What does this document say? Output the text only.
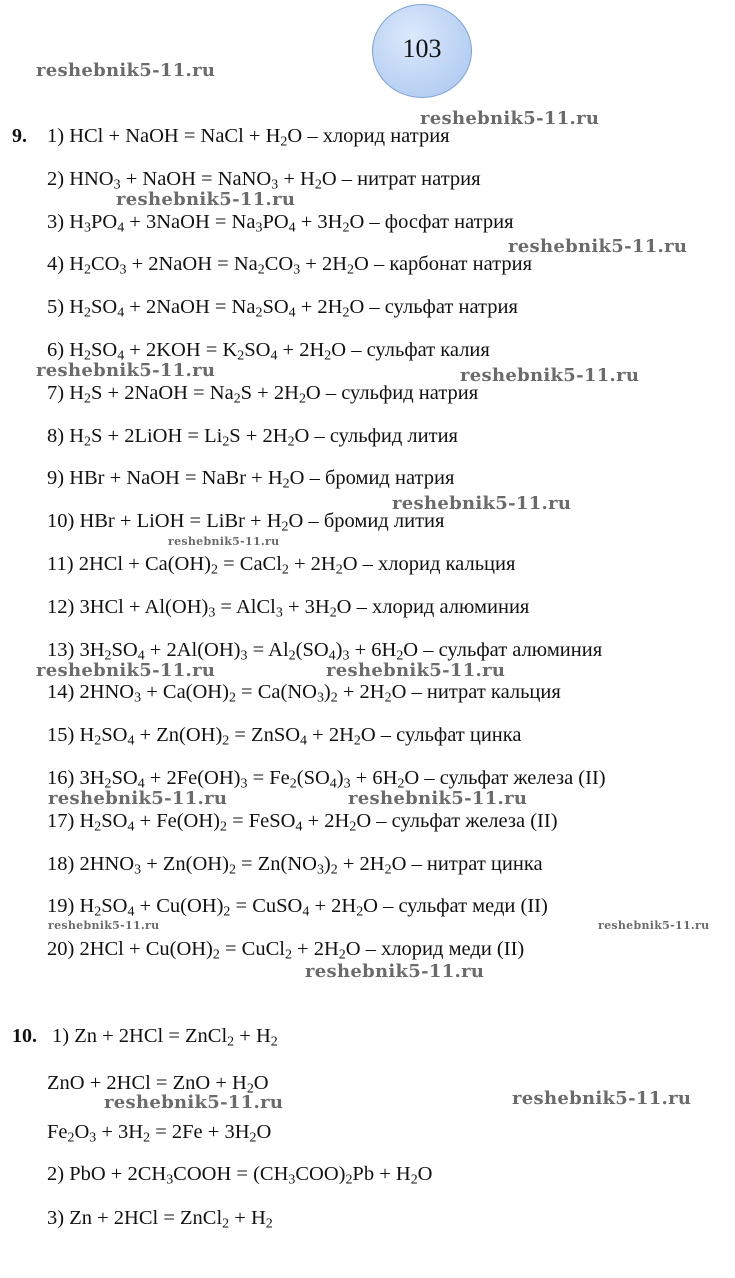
103
9. 1) HCl + NaOH = NaCl + $H_2O$ – хлорид натрия
2) $HNO_3$ + NaOH = NaNO$_3$ + $H_2O$ – нитрат натрия
3) $H_3PO_4$ + 3NaOH = $Na_3PO_4 + 3H_2O$ – фосфат натрия
4) $H_2CO_3$ + 2NaOH = $Na_2CO_3 + 2H_2O$ – карбонат натрия
5) $H_2SO_4$ + 2NaOH = $Na_2SO_4 + 2H_2O$ – сульфат натрия
6) $H_2SO_4 + 2KOH = K_2SO_4 + 2H_2O$ – сульфат калия
7) $H_2S$ + 2NaOH = $Na_2S + 2H_2O$ – сульфид натрия
8) $H_2S$ + 2LiOH = $Li_2S + 2H_2O$ – сульфид лития
9) HBr + NaOH = NaBr + $H_2O$ – бромид натрия
10) HBr + LiOH = LiBr + $H_2O$ – бромид лития
11) $2HCl + Ca(OH)_2$ = CaCl$_2$ + $2H_2O$ – хлорид кальция
12) $3HCl + Al(OH)_3$ = AlCl$_3$ + $3H_2O$ – хлорид алюминия
13) $3H_2SO_4 + 2Al(OH)_3 = Al_2(SO_4)_3 + 6H_2O$ – сульфат алюминия
14) $2HNO_3 + Ca(OH)_2 = Ca(NO_3)_2 + 2H_2O$ – нитрат кальция
15) $H_2SO_4 + Zn(OH)_2$ = ZnSO$_4$ + $2H_2O$ – сульфат цинка
16) $3H_2SO_4 + 2Fe(OH)_3 = Fe_2(SO_4)_3 + 6H_2O$ – сульфат железа (II)
17) $H_2SO_4 + Fe(OH)_2$ = FeSO$_4$ + $2H_2O$ – сульфат железа (II)
18) $2HNO_3 + Zn(OH)_2 = Zn(NO_3)_2 + 2H_2O$ – нитрат цинка
19) $H_2SO_4 + Cu(OH)_2$ = CuSO$_4$ + $2H_2O$ – сульфат меди (II)
20) $2HCl + Cu(OH)_2$ = CuCl$_2$ + $2H_2O$ – хлорид меди (II)
10. 1) Zn + 2HCl = ZnCl$_2$ + $H_2$
ZnO + 2HCl = ZnO + $H_2O$
$Fe_2O_3 + 3H_2 = 2Fe + 3H_2O$
2) PbO + $2CH_3COOH = (CH_3COO)_2Pb + H_2O$
3) Zn + 2HCl = ZnCl$_2$ + $H_2$
reshebnik5-11.ru
reshebnik5-11.ru
reshebnik5-11.ru
reshebnik5-11.ru
reshebnik5-11.ru	reshebnik5-11.ru
reshebnik5-11.ru
reshebnik5-11.ru
reshebnik5-11.ru	reshebnik5-11.ru
reshebnik5-11.ru	reshebnik5-11.ru
reshebnik5-11.ru	reshebnik5-11.ru
reshebnik5-11.ru
reshebnik5-11.ru	reshebnik5-11.ru
